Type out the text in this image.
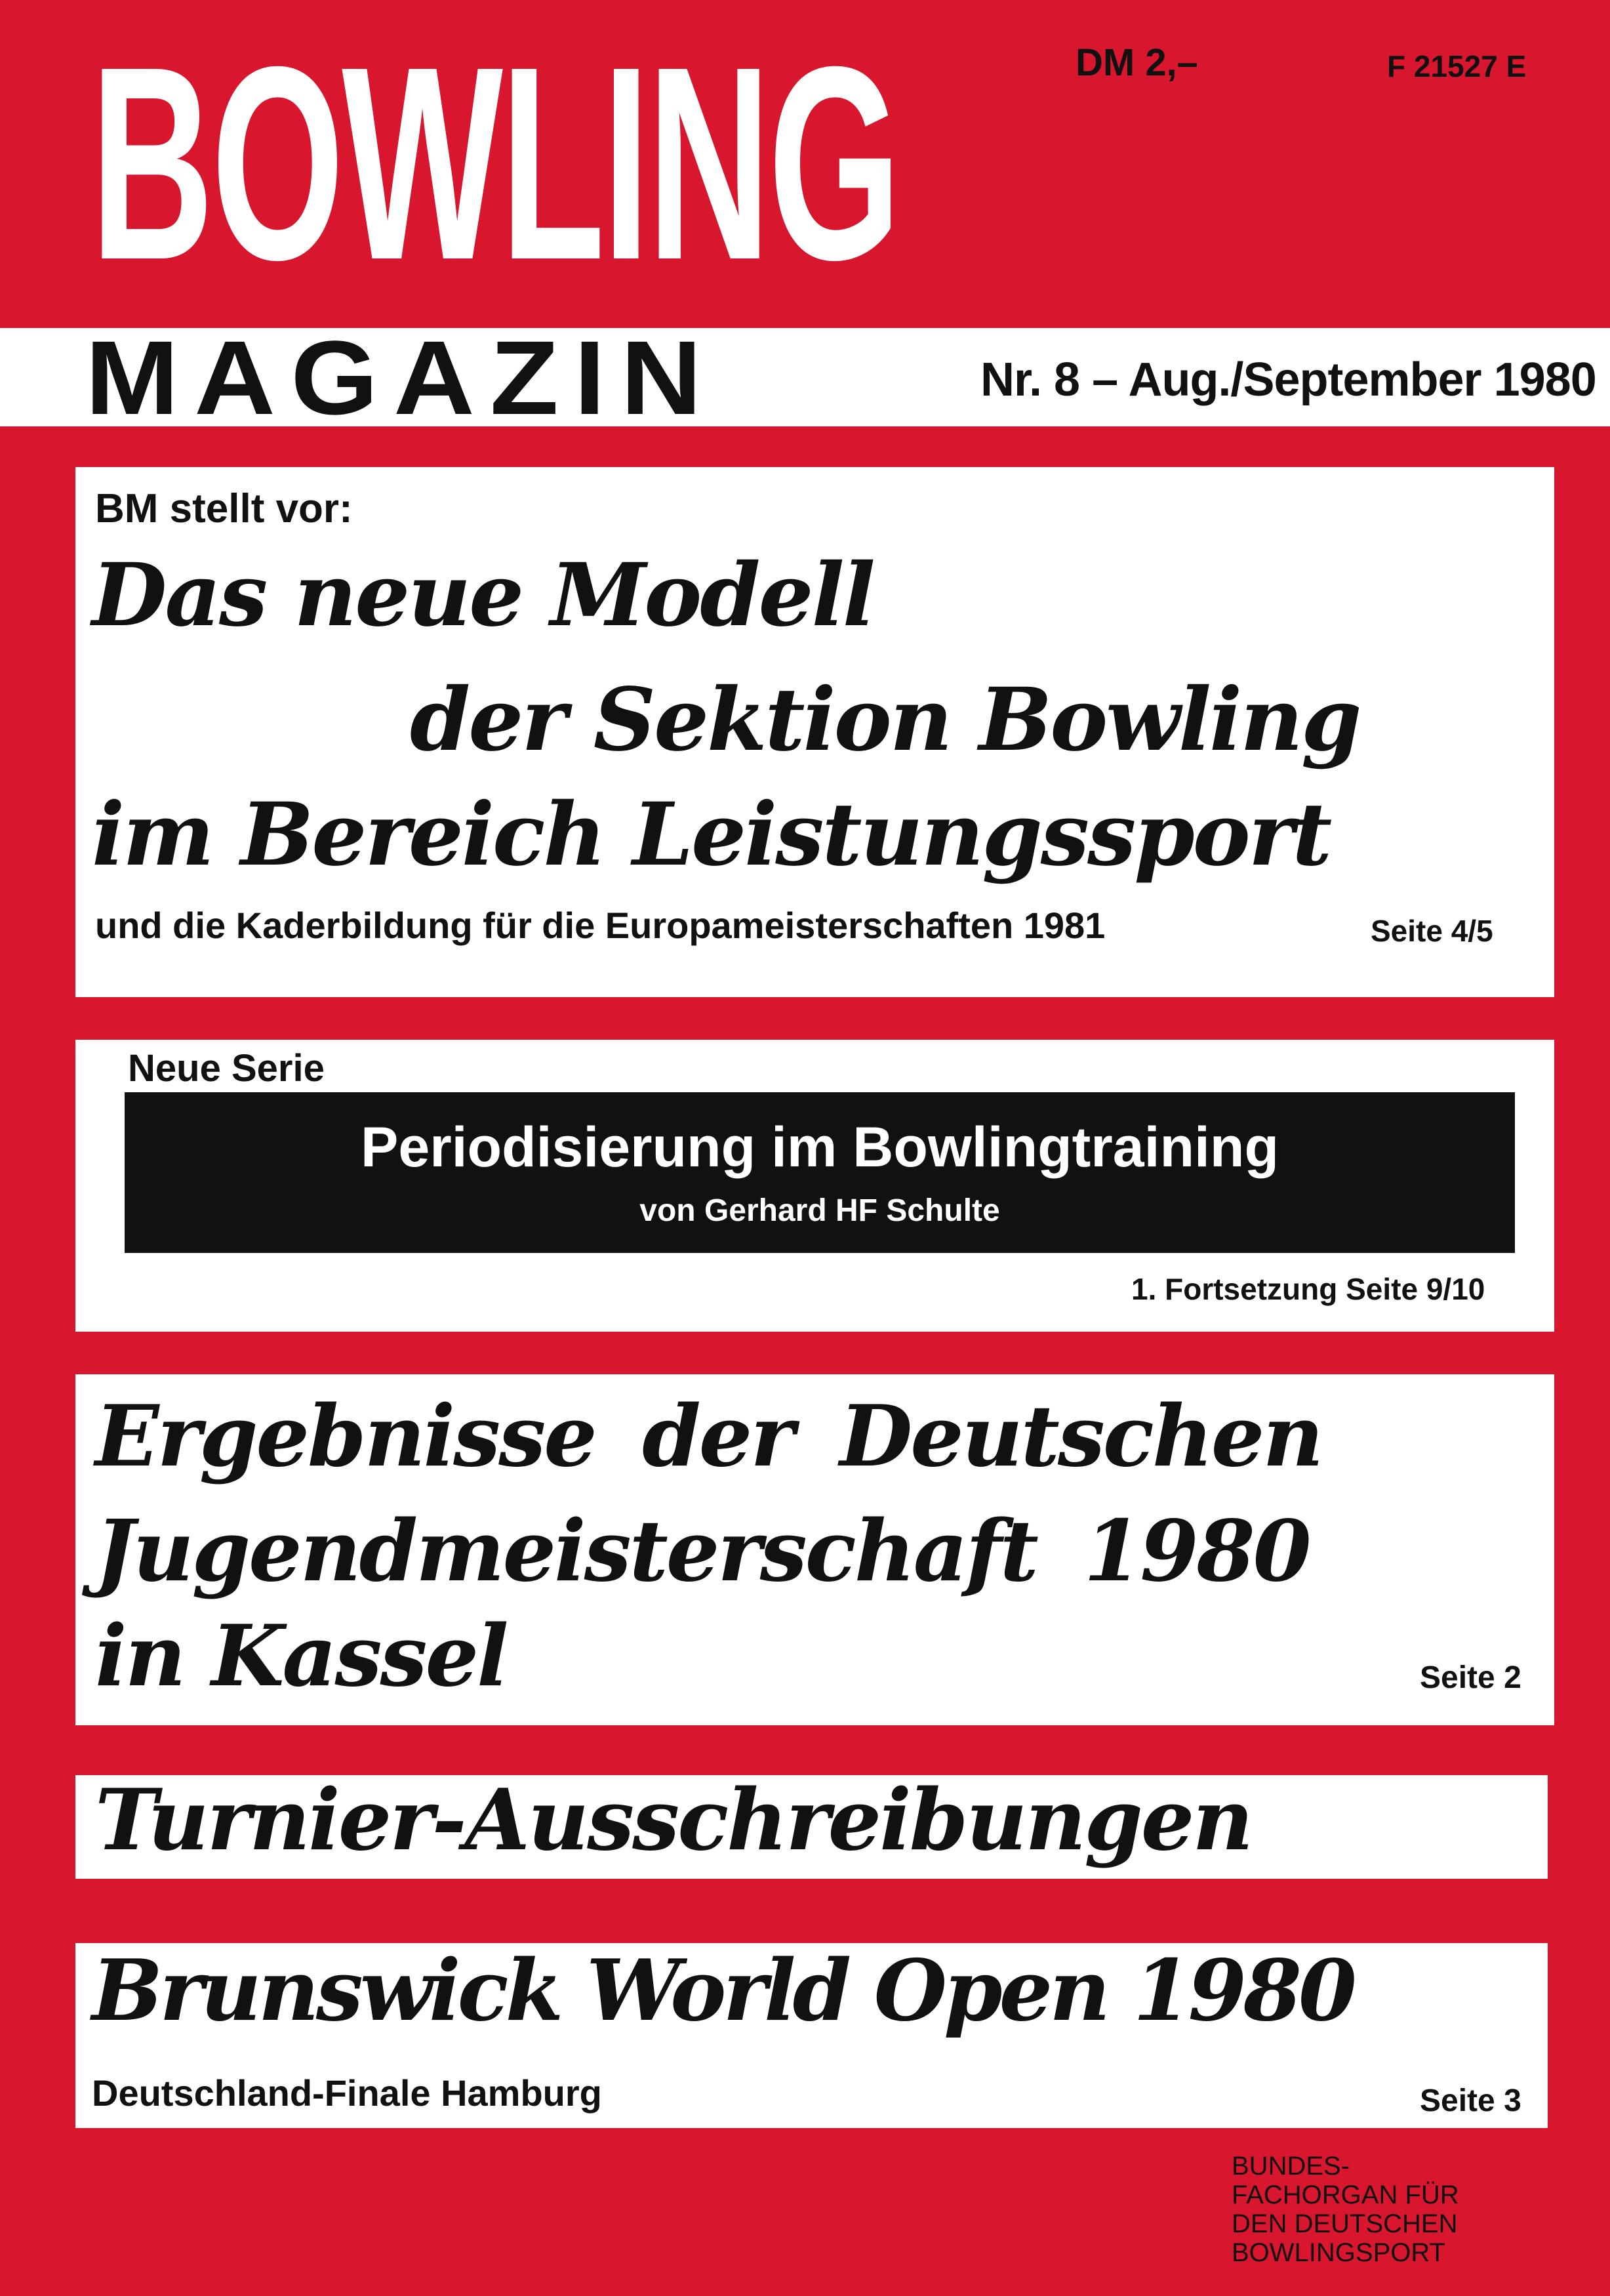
BOWLING	DM 2,–	F 21527 E
MAGAZIN	Nr. 8 – Aug./September 1980
BM stellt vor:
Das neue Modell
der Sektion Bowling
im Bereich Leistungssport
und die Kaderbildung für die Europameisterschaften 1981	Seite 4/5
Neue Serie
Periodisierung im Bowlingtraining
von Gerhard HF Schulte
1. Fortsetzung Seite 9/10
Ergebnisse der Deutschen
Jugendmeisterschaft 1980
in Kassel	Seite 2
Turnier-Ausschreibungen
Brunswick World Open 1980
Deutschland-Finale Hamburg	Seite 3
BUNDES-
FACHORGAN FÜR
DEN DEUTSCHEN
BOWLINGSPORT
